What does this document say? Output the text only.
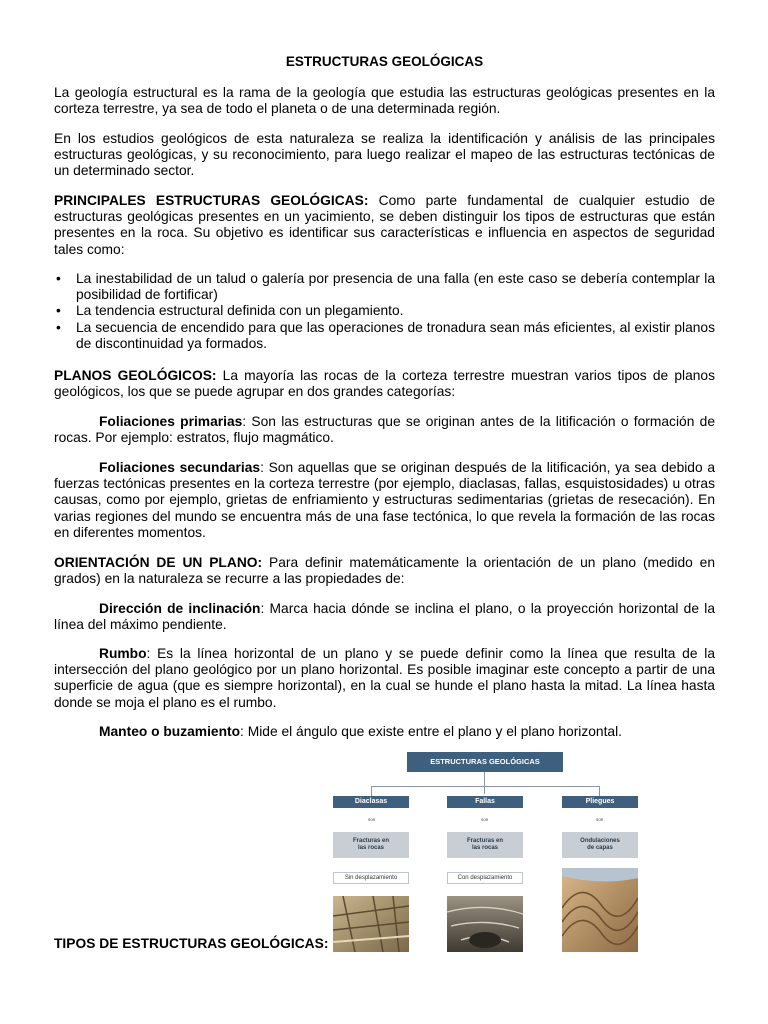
ESTRUCTURAS GEOLÓGICAS

La geología estructural es la rama de la geología que estudia las estructuras geológicas presentes en la corteza terrestre, ya sea de todo el planeta o de una determinada región.

En los estudios geológicos de esta naturaleza se realiza la identificación y análisis de las principales estructuras geológicas, y su reconocimiento, para luego realizar el mapeo de las estructuras tectónicas de un determinado sector.

PRINCIPALES ESTRUCTURAS GEOLÓGICAS: Como parte fundamental de cualquier estudio de estructuras geológicas presentes en un yacimiento, se deben distinguir los tipos de estructuras que están presentes en la roca. Su objetivo es identificar sus características e influencia en aspectos de seguridad tales como:

• La inestabilidad de un talud o galería por presencia de una falla (en este caso se debería contemplar la posibilidad de fortificar)
• La tendencia estructural definida con un plegamiento.
• La secuencia de encendido para que las operaciones de tronadura sean más eficientes, al existir planos de discontinuidad ya formados.

PLANOS GEOLÓGICOS: La mayoría las rocas de la corteza terrestre muestran varios tipos de planos geológicos, los que se puede agrupar en dos grandes categorías:

Foliaciones primarias: Son las estructuras que se originan antes de la litificación o formación de rocas. Por ejemplo: estratos, flujo magmático.

Foliaciones secundarias: Son aquellas que se originan después de la litificación, ya sea debido a fuerzas tectónicas presentes en la corteza terrestre (por ejemplo, diaclasas, fallas, esquistosidades) u otras causas, como por ejemplo, grietas de enfriamiento y estructuras sedimentarias (grietas de resecación). En varias regiones del mundo se encuentra más de una fase tectónica, lo que revela la formación de las rocas en diferentes momentos.

ORIENTACIÓN DE UN PLANO: Para definir matemáticamente la orientación de un plano (medido en grados) en la naturaleza se recurre a las propiedades de:

Dirección de inclinación: Marca hacia dónde se inclina el plano, o la proyección horizontal de la línea del máximo pendiente.

Rumbo: Es la línea horizontal de un plano y se puede definir como la línea que resulta de la intersección del plano geológico por un plano horizontal. Es posible imaginar este concepto a partir de una superficie de agua (que es siempre horizontal), en la cual se hunde el plano hasta la mitad. La línea hasta donde se moja el plano es el rumbo.

Manteo o buzamiento: Mide el ángulo que existe entre el plano y el plano horizontal.

TIPOS DE ESTRUCTURAS GEOLÓGICAS:
ESTRUCTURAS GEOLÓGICAS
Diaclasas
son
Fracturas en las rocas
Sin desplazamiento
Fallas
son
Fracturas en las rocas
Con desplazamiento
Pliegues
son
Ondulaciones de capas
